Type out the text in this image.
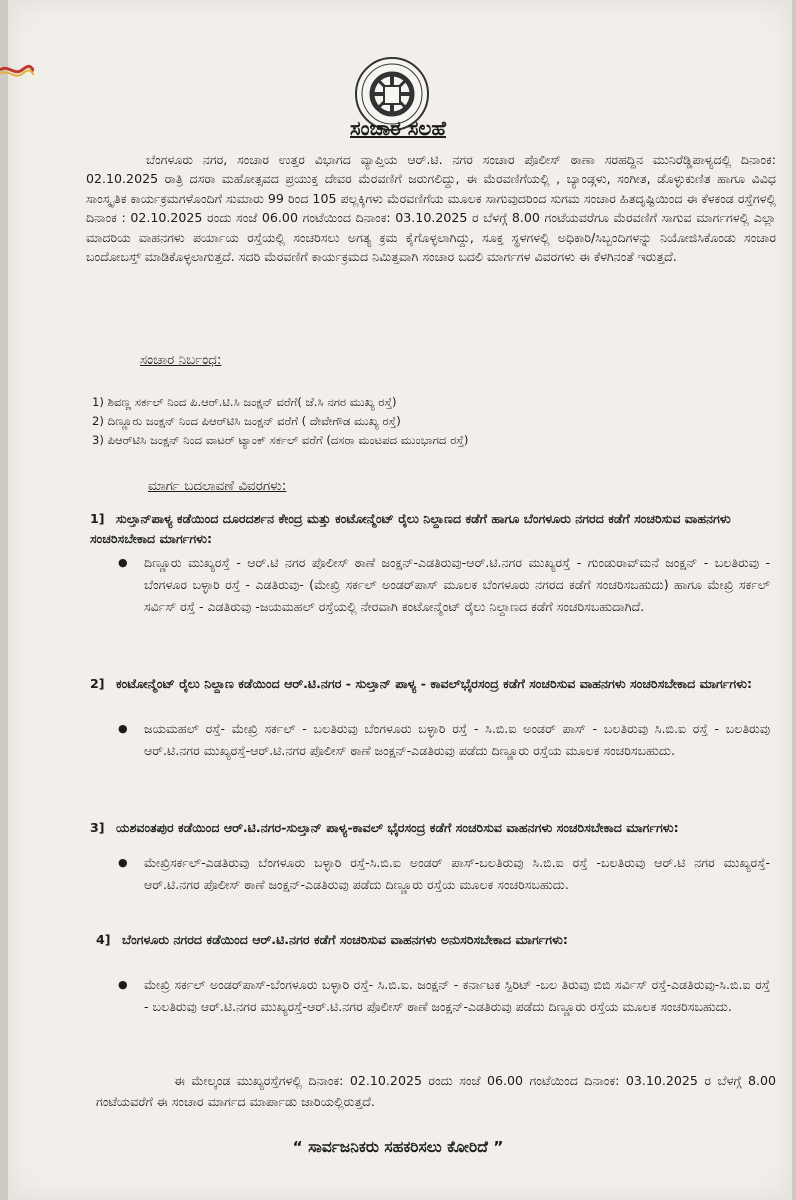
ಸಂಚಾರ ಸಲಹೆ
ಬೆಂಗಳೂರು ನಗರ, ಸಂಚಾರ ಉತ್ತರ ವಿಭಾಗದ ವ್ಯಾಪ್ತಿಯ ಆರ್.ಟಿ. ನಗರ ಸಂಚಾರ ಪೊಲೀಸ್ ಠಾಣಾ ಸರಹದ್ದಿನ ಮುನಿರೆಡ್ಡಿಪಾಳ್ಯದಲ್ಲಿ ದಿನಾಂಕ: 02.10.2025 ರಾತ್ರಿ ದಸರಾ ಮಹೋತ್ಸವದ ಪ್ರಯುಕ್ತ ದೇವರ ಮೆರವಣಿಗೆ ಜರುಗಲಿದ್ದು, ಈ ಮೆರವಣಿಗೆಯಲ್ಲಿ , ಬ್ಯಾಂಡ್ಗಳು, ಸಂಗೀತ, ಡೊಳ್ಳುಕುಣಿತ ಹಾಗೂ ವಿವಿಧ ಸಾಂಸ್ಕೃತಿಕ ಕಾರ್ಯಕ್ರಮಗಳೊಂದಿಗೆ ಸುಮಾರು 99 ರಿಂದ 105 ಪಲ್ಲಕ್ಕಿಗಳು ಮೆರವಣಿಗೆಯ ಮೂಲಕ ಸಾಗುವುದರಿಂದ ಸುಗಮ ಸಂಚಾರ ಹಿತದೃಷ್ಟಿಯಿಂದ ಈ ಕೆಳಕಂಡ ರಸ್ತೆಗಳಲ್ಲಿ ದಿನಾಂಕ : 02.10.2025 ರಂದು ಸಂಜೆ 06.00 ಗಂಟೆಯಿಂದ ದಿನಾಂಕ: 03.10.2025 ರ ಬೆಳಗ್ಗೆ 8.00 ಗಂಟೆಯವರೆಗೂ ಮೆರವಣಿಗೆ ಸಾಗುವ ಮಾರ್ಗಗಳಲ್ಲಿ ಎಲ್ಲಾ ಮಾದರಿಯ ವಾಹನಗಳು ಪರ್ಯಾಯ ರಸ್ತೆಯಲ್ಲಿ ಸಂಚರಿಸಲು ಅಗತ್ಯ ಕ್ರಮ ಕೈಗೊಳ್ಳಲಾಗಿದ್ದು, ಸೂಕ್ತ ಸ್ಥಳಗಳಲ್ಲಿ ಅಧಿಕಾರಿ/ಸಿಬ್ಬಂದಿಗಳನ್ನು ನಿಯೋಜಿಸಿಕೊಂಡು ಸಂಚಾರ ಬಂದೋಬಸ್ತ್ ಮಾಡಿಕೊಳ್ಳಲಾಗುತ್ತದೆ. ಸದರಿ ಮೆರವಣಿಗೆ ಕಾರ್ಯಕ್ರಮದ ನಿಮಿತ್ತವಾಗಿ ಸಂಚಾರ ಬದಲಿ ಮಾರ್ಗಗಳ ವಿವರಗಳು ಈ ಕೆಳಗಿನಂತೆ ಇರುತ್ತದೆ.
ಸಂಚಾರ ನಿರ್ಬಂಧ:
1) ಶಿವಣ್ಣ ಸರ್ಕಲ್ ನಿಂದ ಪಿ.ಆರ್.ಟಿ.ಸಿ ಜಂಕ್ಷನ್ ವರೆಗೆ( ಜೆ.ಸಿ ನಗರ ಮುಖ್ಯ ರಸ್ತೆ)
2) ದಿಣ್ಣೂರು ಜಂಕ್ಷನ್ ನಿಂದ ಪಿಆರ್‌ಟಿಸಿ ಜಂಕ್ಷನ್ ವರೆಗೆ ( ದೇವೇಗೌಡ ಮುಖ್ಯ ರಸ್ತೆ)
3) ಪಿಆರ್‌ಟಿಸಿ ಜಂಕ್ಷನ್ ನಿಂದ ವಾಟರ್ ಟ್ಯಾಂಕ್ ಸರ್ಕಲ್ ವರೆಗೆ (ದಸರಾ ಮಂಟಪದ ಮುಂಭಾಗದ ರಸ್ತೆ)
ಮಾರ್ಗ ಬದಲಾವಣೆ ವಿವರಗಳು:
1] ಸುಲ್ತಾನ್‌ಪಾಳ್ಯ ಕಡೆಯಿಂದ ದೂರದರ್ಶನ ಕೇಂದ್ರ ಮತ್ತು ಕಂಟೋನ್ಮೆಂಟ್ ರೈಲು ನಿಲ್ದಾಣದ ಕಡೆಗೆ ಹಾಗೂ ಬೆಂಗಳೂರು ನಗರದ ಕಡೆಗೆ ಸಂಚರಿಸುವ ವಾಹನಗಳು ಸಂಚರಿಸಬೇಕಾದ ಮಾರ್ಗಗಳು:
● ದಿಣ್ಣೂರು ಮುಖ್ಯರಸ್ತೆ - ಆರ್.ಟಿ ನಗರ ಪೊಲೀಸ್ ಠಾಣೆ ಜಂಕ್ಷನ್-ಎಡತಿರುವು-ಆರ್.ಟಿ.ನಗರ ಮುಖ್ಯರಸ್ತೆ - ಗುಂಡುರಾವ್‌ಮನೆ ಜಂಕ್ಷನ್ - ಬಲತಿರುವು - ಬೆಂಗಳೂರ ಬಳ್ಳಾರಿ ರಸ್ತೆ - ಎಡತಿರುವು- (ಮೇಖ್ರಿ ಸರ್ಕಲ್ ಅಂಡರ್‌ಪಾಸ್ ಮೂಲಕ ಬೆಂಗಳೂರು ನಗರದ ಕಡೆಗೆ ಸಂಚರಿಸಬಹುದು) ಹಾಗೂ ಮೇಖ್ರಿ ಸರ್ಕಲ್ ಸರ್ವಿಸ್ ರಸ್ತೆ - ಎಡತಿರುವು -ಜಯಮಹಲ್ ರಸ್ತೆಯಲ್ಲಿ ನೇರವಾಗಿ ಕಂಟೋನ್ಮೆಂಟ್ ರೈಲು ನಿಲ್ದಾಣದ ಕಡೆಗೆ ಸಂಚರಿಸಬಹುದಾಗಿದೆ.
2] ಕಂಟೋನ್ಮೆಂಟ್ ರೈಲು ನಿಲ್ದಾಣ ಕಡೆಯಿಂದ ಆರ್.ಟಿ.ನಗರ - ಸುಲ್ತಾನ್ ಪಾಳ್ಯ - ಕಾವಲ್‌ಭೈರಸಂದ್ರ ಕಡೆಗೆ ಸಂಚರಿಸುವ ವಾಹನಗಳು ಸಂಚರಿಸಬೇಕಾದ ಮಾರ್ಗಗಳು:
● ಜಯಮಹಲ್ ರಸ್ತೆ- ಮೇಖ್ರಿ ಸರ್ಕಲ್ - ಬಲತಿರುವು ಬೆಂಗಳೂರು ಬಳ್ಳಾರಿ ರಸ್ತೆ - ಸಿ.ಬಿ.ಐ ಅಂಡರ್ ಪಾಸ್ - ಬಲತಿರುವು ಸಿ.ಬಿ.ಐ ರಸ್ತೆ - ಬಲತಿರುವು ಆರ್.ಟಿ.ನಗರ ಮುಖ್ಯರಸ್ತೆ-ಆರ್.ಟಿ.ನಗರ ಪೊಲೀಸ್ ಠಾಣೆ ಜಂಕ್ಷನ್-ಎಡತಿರುವು ಪಡೆದು ದಿಣ್ಣೂರು ರಸ್ತೆಯ ಮೂಲಕ ಸಂಚರಿಸಬಹುದು.
3] ಯಶವಂತಪುರ ಕಡೆಯಿಂದ ಆರ್.ಟಿ.ನಗರ-ಸುಲ್ತಾನ್ ಪಾಳ್ಯ-ಕಾವಲ್ ಭೈರಸಂದ್ರ ಕಡೆಗೆ ಸಂಚರಿಸುವ ವಾಹನಗಳು ಸಂಚರಿಸಬೇಕಾದ ಮಾರ್ಗಗಳು:
● ಮೇಖ್ರಿಸರ್ಕಲ್-ಎಡತಿರುವು ಬೆಂಗಳೂರು ಬಳ್ಳಾರಿ ರಸ್ತೆ-ಸಿ.ಬಿ.ಐ ಅಂಡರ್ ಪಾಸ್-ಬಲತಿರುವು ಸಿ.ಬಿ.ಐ ರಸ್ತೆ -ಬಲತಿರುವು ಆರ್.ಟಿ ನಗರ ಮುಖ್ಯರಸ್ತೆ-ಆರ್.ಟಿ.ನಗರ ಪೊಲೀಸ್ ಠಾಣೆ ಜಂಕ್ಷನ್-ಎಡತಿರುವು ಪಡೆದು ದಿಣ್ಣೂರು ರಸ್ತೆಯ ಮೂಲಕ ಸಂಚರಿಸಬಹುದು.
4] ಬೆಂಗಳೂರು ನಗರದ ಕಡೆಯಿಂದ ಆರ್.ಟಿ.ನಗರ ಕಡೆಗೆ ಸಂಚರಿಸುವ ವಾಹನಗಳು ಅನುಸರಿಸಬೇಕಾದ ಮಾರ್ಗಗಳು:
● ಮೇಖ್ರಿ ಸರ್ಕಲ್ ಅಂಡರ್‌ಪಾಸ್-ಬೆಂಗಳೂರು ಬಳ್ಳಾರಿ ರಸ್ತೆ- ಸಿ.ಬಿ.ಐ. ಜಂಕ್ಷನ್ - ಕರ್ನಾಟಕ ಸ್ಪಿರಿಟ್ -ಬಲ ತಿರುವು ಬಿಬಿ ಸರ್ವಿಸ್ ರಸ್ತೆ-ಎಡತಿರುವು-ಸಿ.ಬಿ.ಐ ರಸ್ತೆ - ಬಲತಿರುವು ಆರ್.ಟಿ.ನಗರ ಮುಖ್ಯರಸ್ತೆ-ಆರ್.ಟಿ.ನಗರ ಪೊಲೀಸ್ ಠಾಣೆ ಜಂಕ್ಷನ್-ಎಡತಿರುವು ಪಡೆದು ದಿಣ್ಣೂರು ರಸ್ತೆಯ ಮೂಲಕ ಸಂಚರಿಸಬಹುದು.
ಈ ಮೇಲ್ಕಂಡ ಮುಖ್ಯರಸ್ತೆಗಳಲ್ಲಿ ದಿನಾಂಕ: 02.10.2025 ರಂದು ಸಂಜೆ 06.00 ಗಂಟೆಯಿಂದ ದಿನಾಂಕ: 03.10.2025 ರ ಬೆಳಗ್ಗೆ 8.00 ಗಂಟೆಯವರೆಗೆ ಈ ಸಂಚಾರ ಮಾರ್ಗದ ಮಾರ್ಪಾಡು ಜಾರಿಯಲ್ಲಿರುತ್ತದೆ.
“ ಸಾರ್ವಜನಿಕರು ಸಹಕರಿಸಲು ಕೋರಿದೆ ”
